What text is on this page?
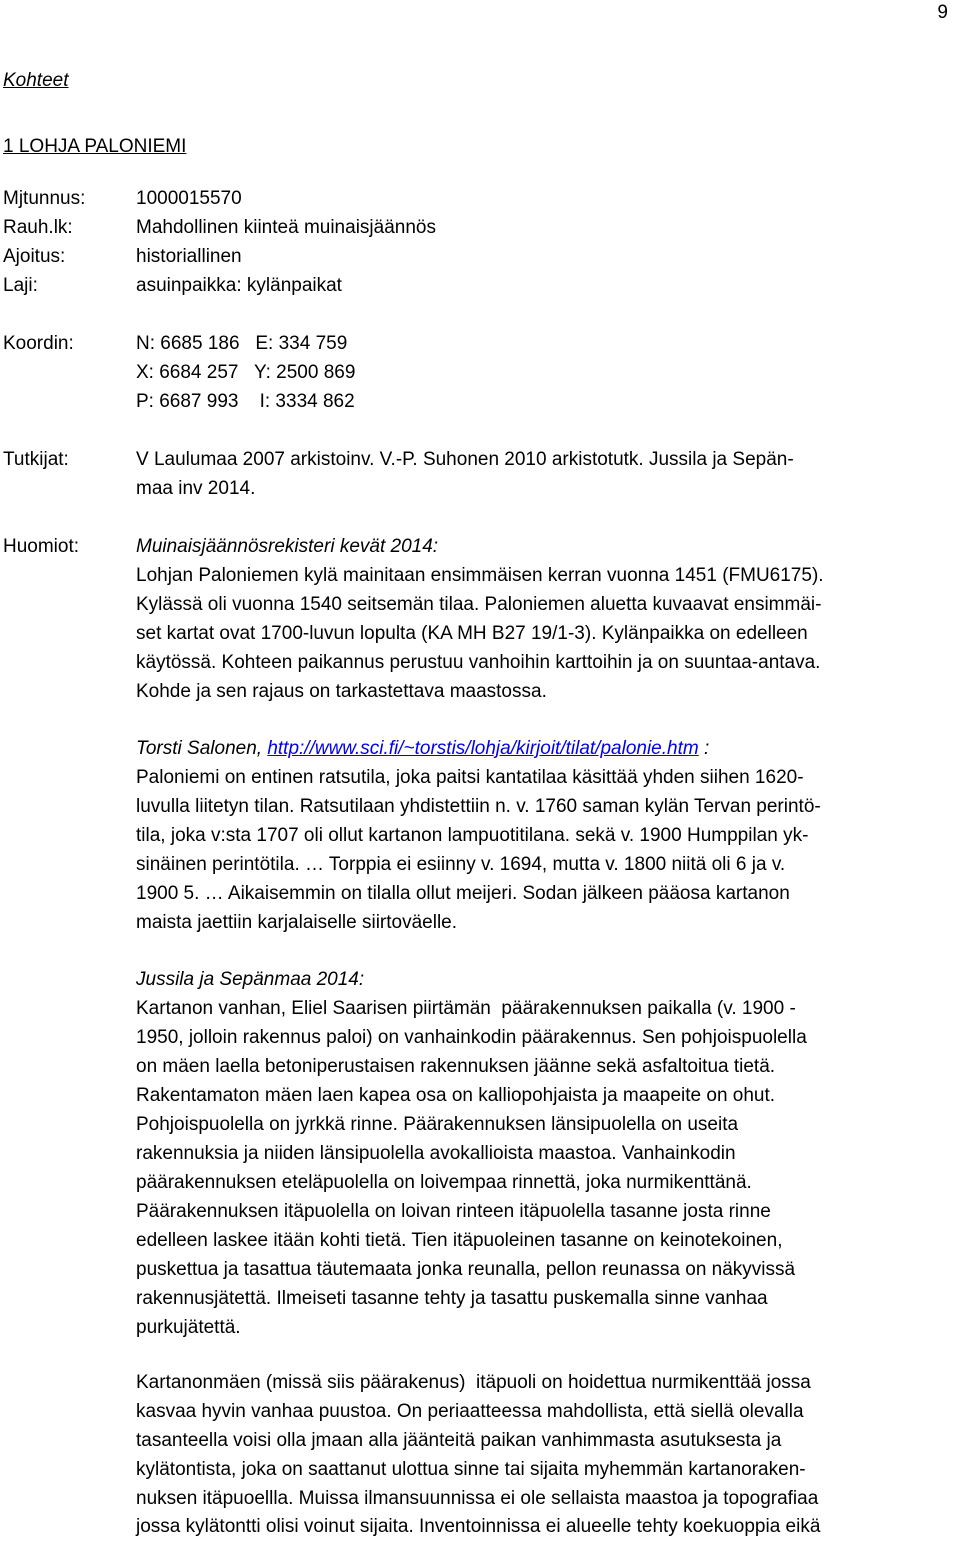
9
Kohteet
1 LOHJA PALONIEMI
Mjtunnus:	1000015570
Rauh.lk:	Mahdollinen kiinteä muinaisjäännös
Ajoitus:	historiallinen
Laji:	asuinpaikka: kylänpaikat
Koordin:	N: 6685 186   E: 334 759
X: 6684 257   Y: 2500 869
P: 6687 993    I: 3334 862
Tutkijat:	V Laulumaa 2007 arkistoinv. V.-P. Suhonen 2010 arkistotutk. Jussila ja Sepän-
maa inv 2014.
Huomiot:	Muinaisjäännösrekisteri kevät 2014:
Lohjan Paloniemen kylä mainitaan ensimmäisen kerran vuonna 1451 (FMU6175).
Kylässä oli vuonna 1540 seitsemän tilaa. Paloniemen aluetta kuvaavat ensimmäi-
set kartat ovat 1700-luvun lopulta (KA MH B27 19/1-3). Kylänpaikka on edelleen
käytössä. Kohteen paikannus perustuu vanhoihin karttoihin ja on suuntaa-antava.
Kohde ja sen rajaus on tarkastettava maastossa.
Torsti Salonen, http://www.sci.fi/~torstis/lohja/kirjoit/tilat/palonie.htm :
Paloniemi on entinen ratsutila, joka paitsi kantatilaa käsittää yhden siihen 1620-
luvulla liitetyn tilan. Ratsutilaan yhdistettiin n. v. 1760 saman kylän Tervan perintö-
tila, joka v:sta 1707 oli ollut kartanon lampuotitilana. sekä v. 1900 Humppilan yk-
sinäinen perintötila. … Torppia ei esiinny v. 1694, mutta v. 1800 niitä oli 6 ja v.
1900 5. … Aikaisemmin on tilalla ollut meijeri. Sodan jälkeen pääosa kartanon
maista jaettiin karjalaiselle siirtoväelle.
Jussila ja Sepänmaa 2014:
Kartanon vanhan, Eliel Saarisen piirtämän  päärakennuksen paikalla (v. 1900 -
1950, jolloin rakennus paloi) on vanhainkodin päärakennus. Sen pohjoispuolella
on mäen laella betoniperustaisen rakennuksen jäänne sekä asfaltoitua tietä.
Rakentamaton mäen laen kapea osa on kalliopohjaista ja maapeite on ohut.
Pohjoispuolella on jyrkkä rinne. Päärakennuksen länsipuolella on useita
rakennuksia ja niiden länsipuolella avokallioista maastoa. Vanhainkodin
päärakennuksen eteläpuolella on loivempaa rinnettä, joka nurmikenttänä.
Päärakennuksen itäpuolella on loivan rinteen itäpuolella tasanne josta rinne
edelleen laskee itään kohti tietä. Tien itäpuoleinen tasanne on keinotekoinen,
puskettua ja tasattua täutemaata jonka reunalla, pellon reunassa on näkyvissä
rakennusjätettä. Ilmeiseti tasanne tehty ja tasattu puskemalla sinne vanhaa
purkujätettä.
Kartanonmäen (missä siis päärakenus)  itäpuoli on hoidettua nurmikenttää jossa
kasvaa hyvin vanhaa puustoa. On periaatteessa mahdollista, että siellä olevalla
tasanteella voisi olla jmaan alla jäänteitä paikan vanhimmasta asutuksesta ja
kylätontista, joka on saattanut ulottua sinne tai sijaita myhemmän kartanoraken-
nuksen itäpuoellla. Muissa ilmansuunnissa ei ole sellaista maastoa ja topografiaa
jossa kylätontti olisi voinut sijaita. Inventoinnissa ei alueelle tehty koekuoppia eikä
